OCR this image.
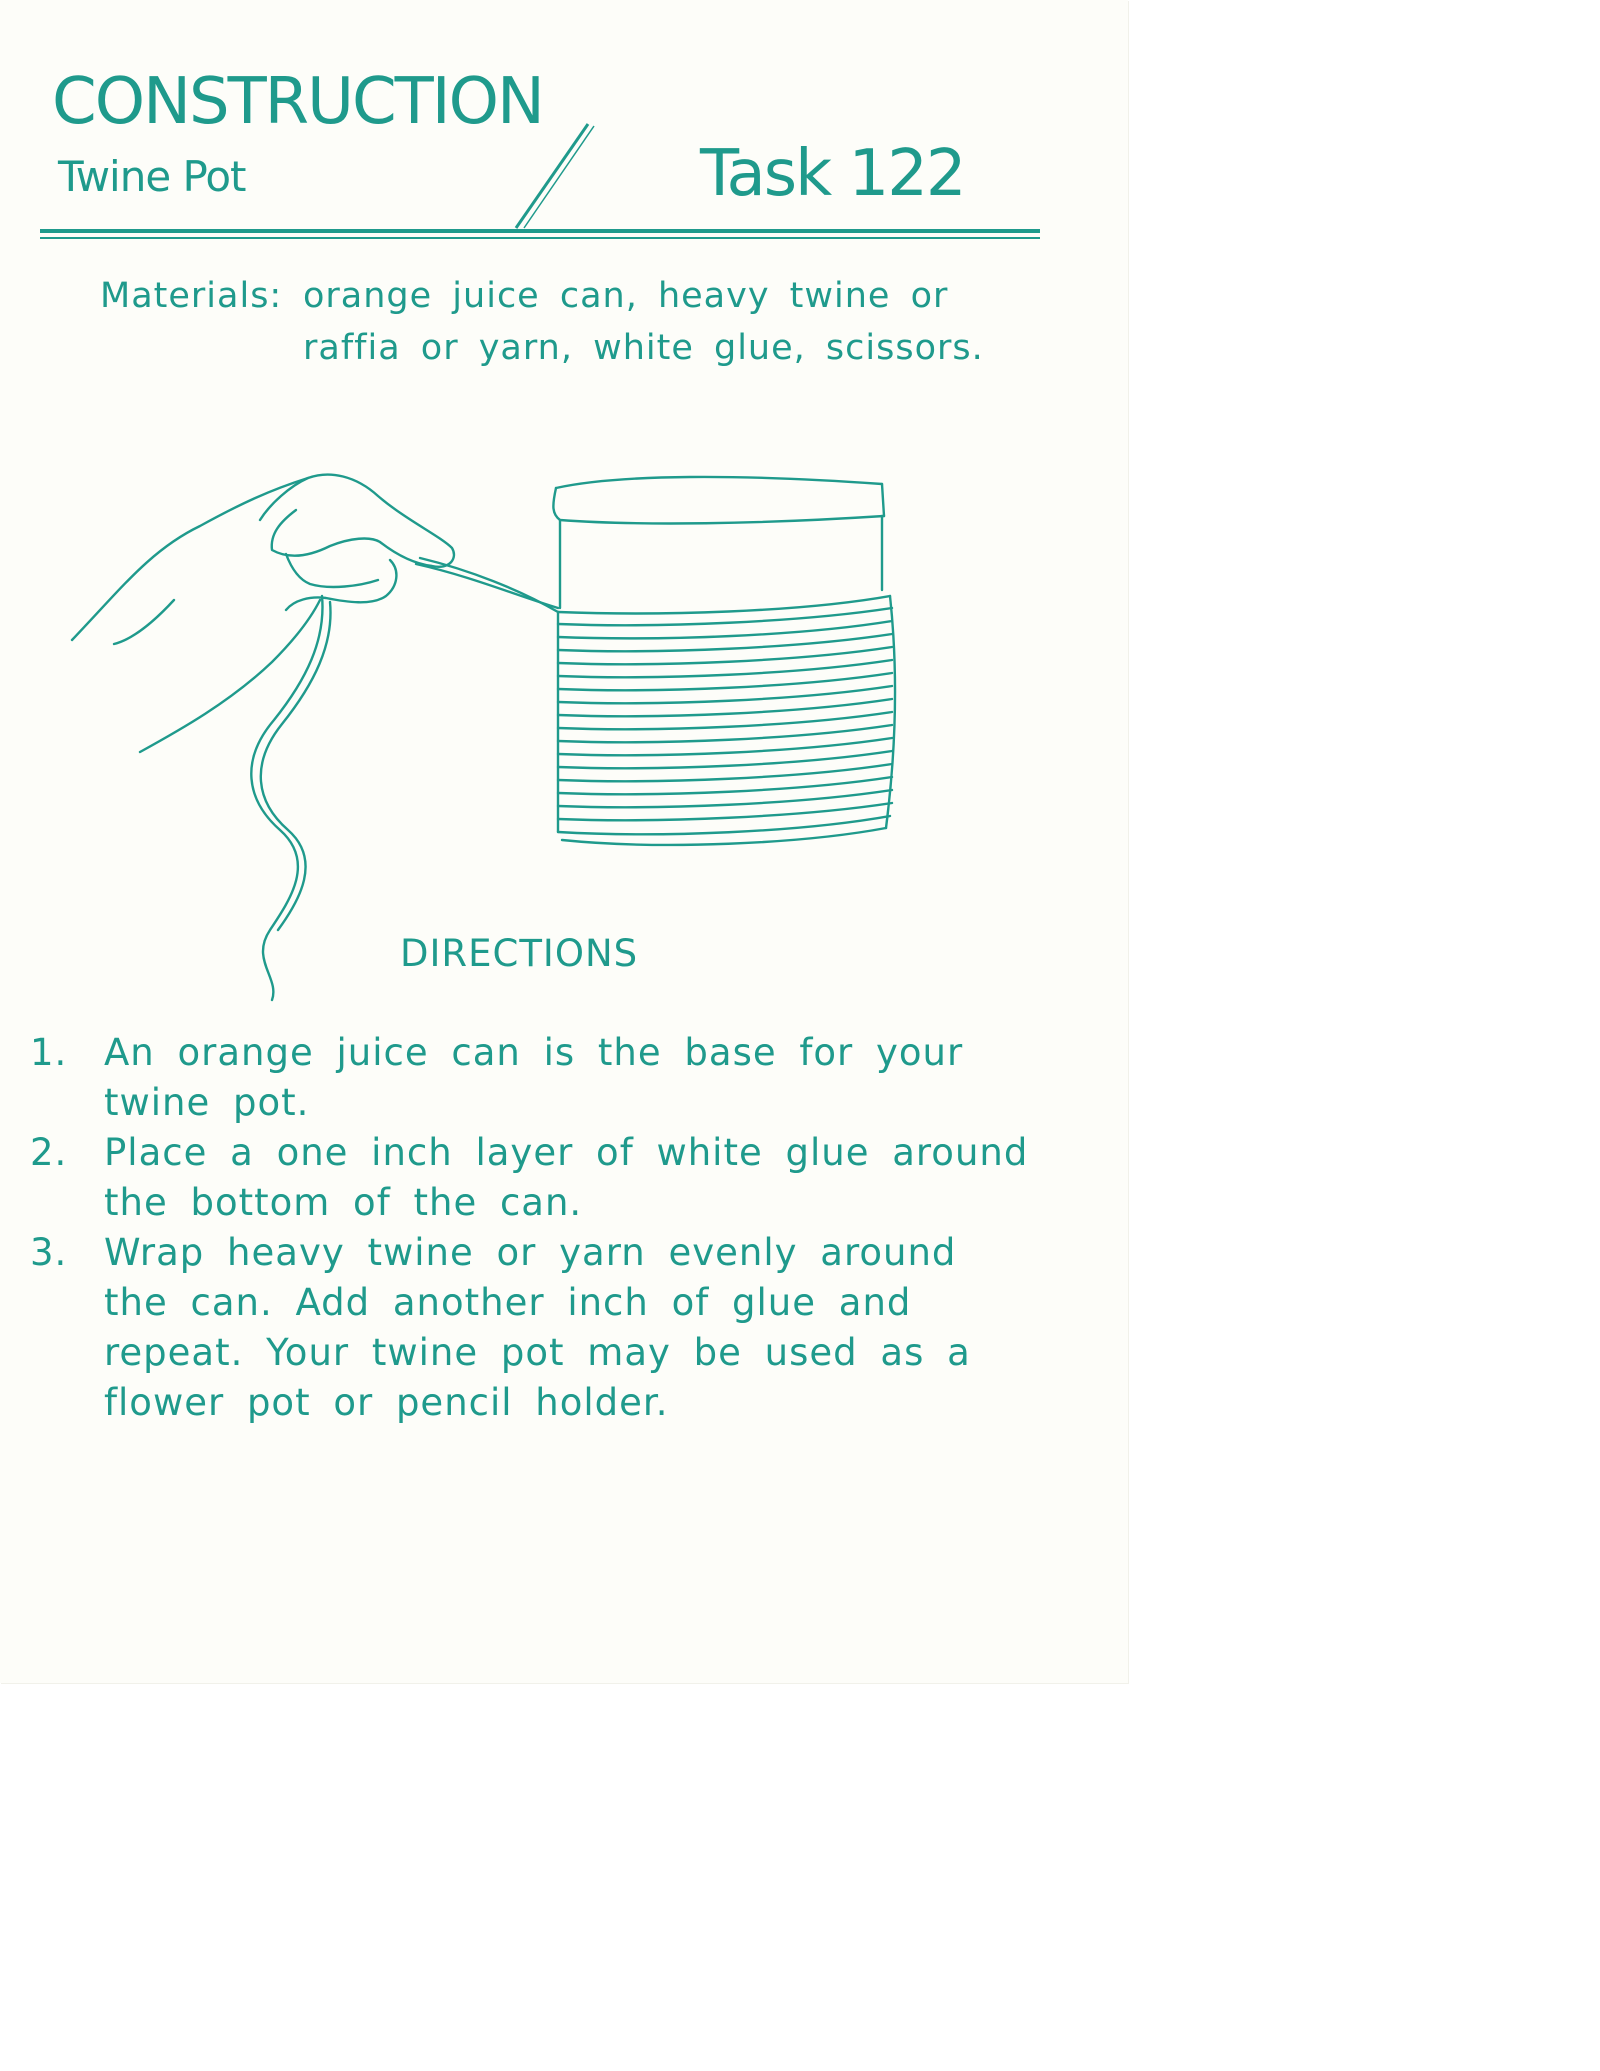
CONSTRUCTION
Twine Pot	Task 122
Materials: orange juice can, heavy twine or raffia or yarn, white glue, scissors.
DIRECTIONS
1. An orange juice can is the base for your twine pot.
2. Place a one inch layer of white glue around the bottom of the can.
3. Wrap heavy twine or yarn evenly around the can. Add another inch of glue and repeat. Your twine pot may be used as a flower pot or pencil holder.
